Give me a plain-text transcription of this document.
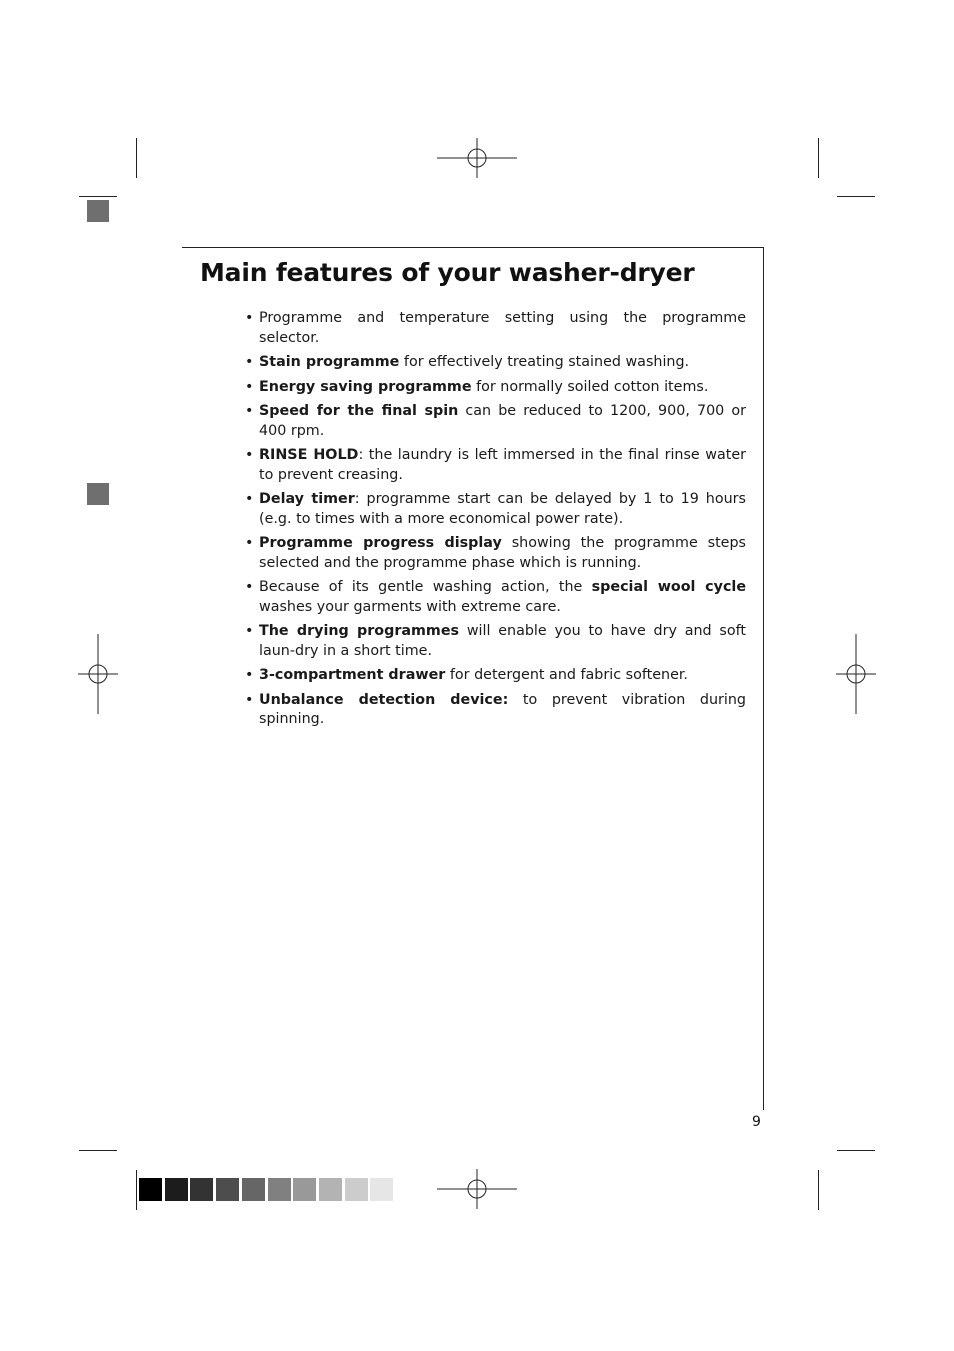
Main features of your washer-dryer
• Programme and temperature setting using the programme selector.
• Stain programme for effectively treating stained washing.
• Energy saving programme for normally soiled cotton items.
• Speed for the final spin can be reduced to 1200, 900, 700 or 400 rpm.
• RINSE HOLD: the laundry is left immersed in the final rinse water to prevent creasing.
• Delay timer: programme start can be delayed by 1 to 19 hours (e.g. to times with a more economical power rate).
• Programme progress display showing the programme steps selected and the programme phase which is running.
• Because of its gentle washing action, the special wool cycle washes your garments with extreme care.
• The drying programmes will enable you to have dry and soft laun-dry in a short time.
• 3-compartment drawer for detergent and fabric softener.
• Unbalance detection device: to prevent vibration during spinning.
9
